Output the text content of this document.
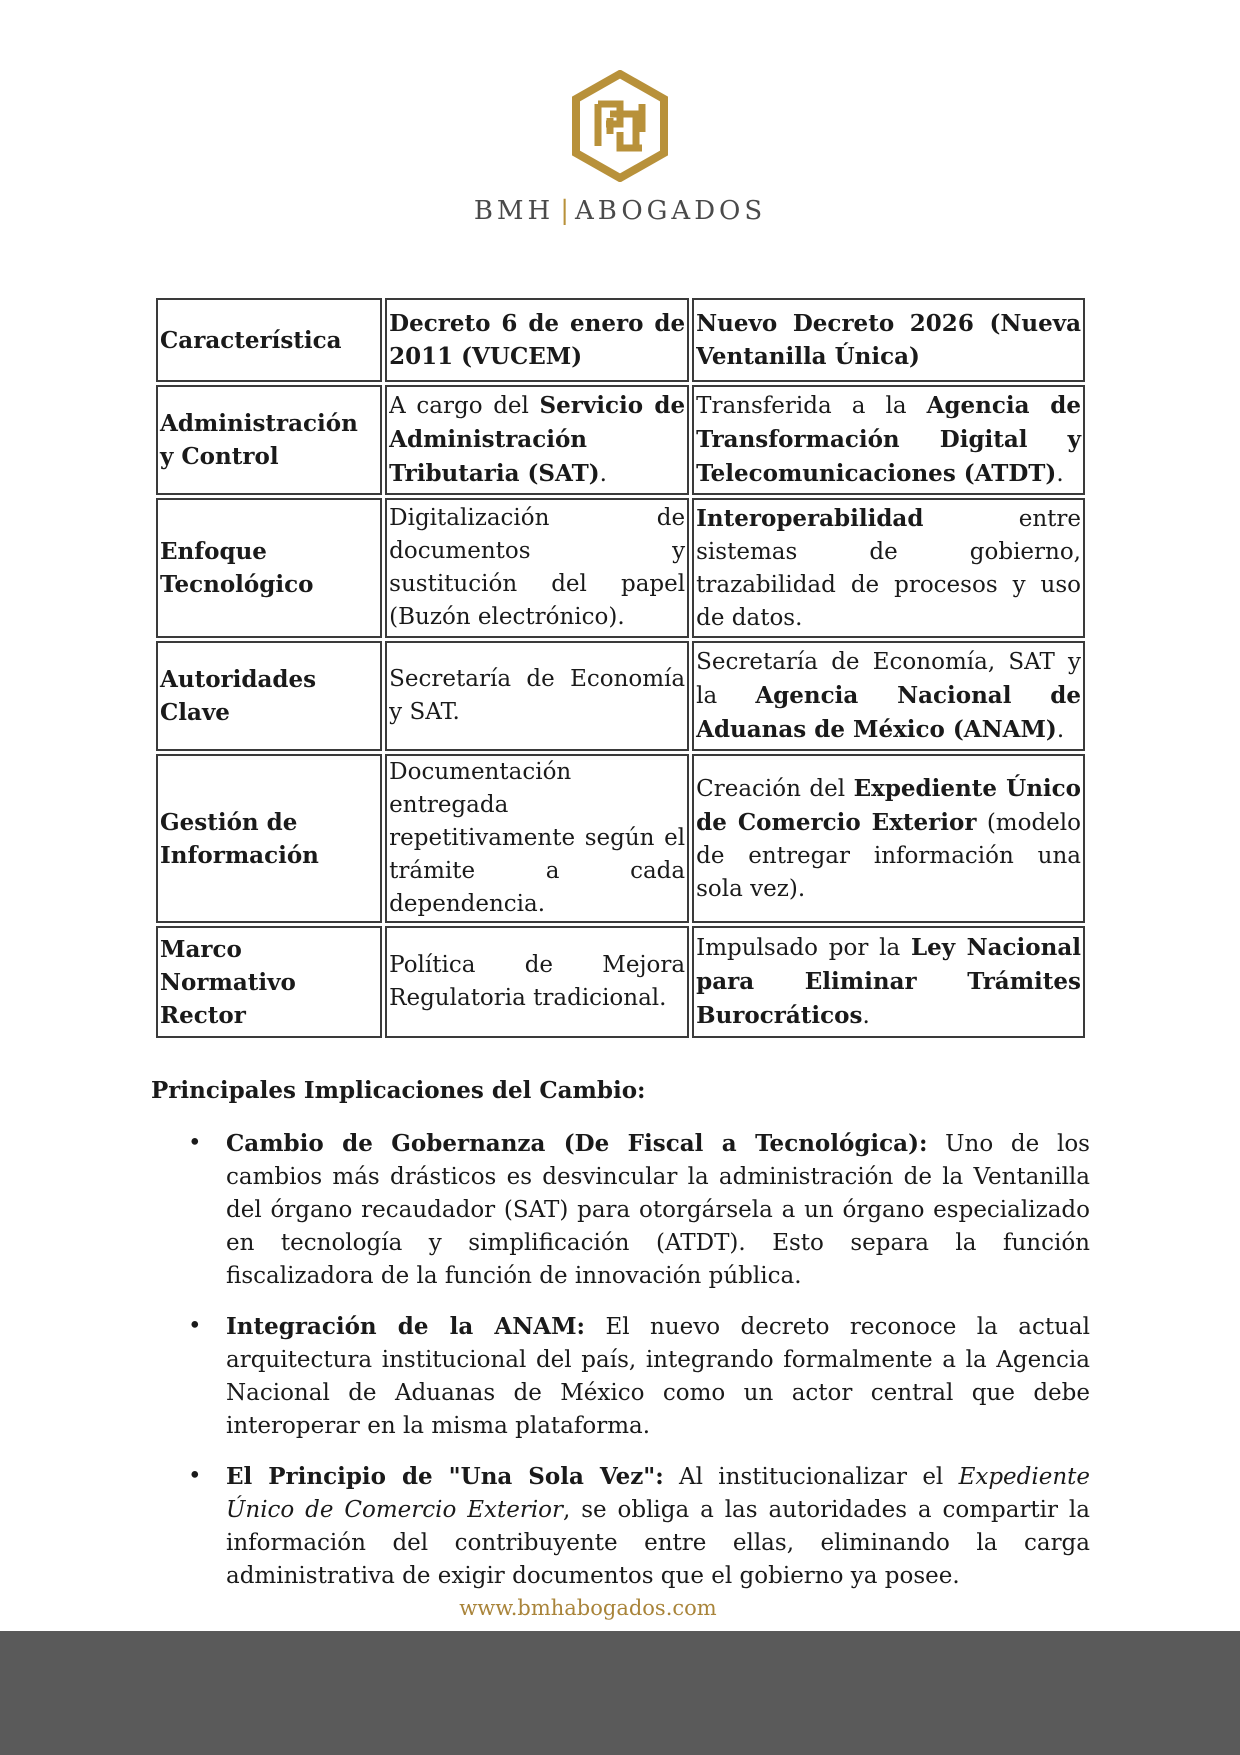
BMH | ABOGADOS
Característica	Decreto 6 de enero de 2011 (VUCEM)	Nuevo Decreto 2026 (Nueva Ventanilla Única)
Administración y Control	A cargo del Servicio de Administración Tributaria (SAT).	Transferida a la Agencia de Transformación Digital y Telecomunicaciones (ATDT).
Enfoque Tecnológico	Digitalización de documentos y sustitución del papel (Buzón electrónico).	Interoperabilidad entre sistemas de gobierno, trazabilidad de procesos y uso de datos.
Autoridades Clave	Secretaría de Economía y SAT.	Secretaría de Economía, SAT y la Agencia Nacional de Aduanas de México (ANAM).
Gestión de Información	Documentación entregada repetitivamente según el trámite a cada dependencia.	Creación del Expediente Único de Comercio Exterior (modelo de entregar información una sola vez).
Marco Normativo Rector	Política de Mejora Regulatoria tradicional.	Impulsado por la Ley Nacional para Eliminar Trámites Burocráticos.
Principales Implicaciones del Cambio:
• Cambio de Gobernanza (De Fiscal a Tecnológica): Uno de los cambios más drásticos es desvincular la administración de la Ventanilla del órgano recaudador (SAT) para otorgársela a un órgano especializado en tecnología y simplificación (ATDT). Esto separa la función fiscalizadora de la función de innovación pública.
• Integración de la ANAM: El nuevo decreto reconoce la actual arquitectura institucional del país, integrando formalmente a la Agencia Nacional de Aduanas de México como un actor central que debe interoperar en la misma plataforma.
• El Principio de "Una Sola Vez": Al institucionalizar el Expediente Único de Comercio Exterior, se obliga a las autoridades a compartir la información del contribuyente entre ellas, eliminando la carga administrativa de exigir documentos que el gobierno ya posee.
www.bmhabogados.com
